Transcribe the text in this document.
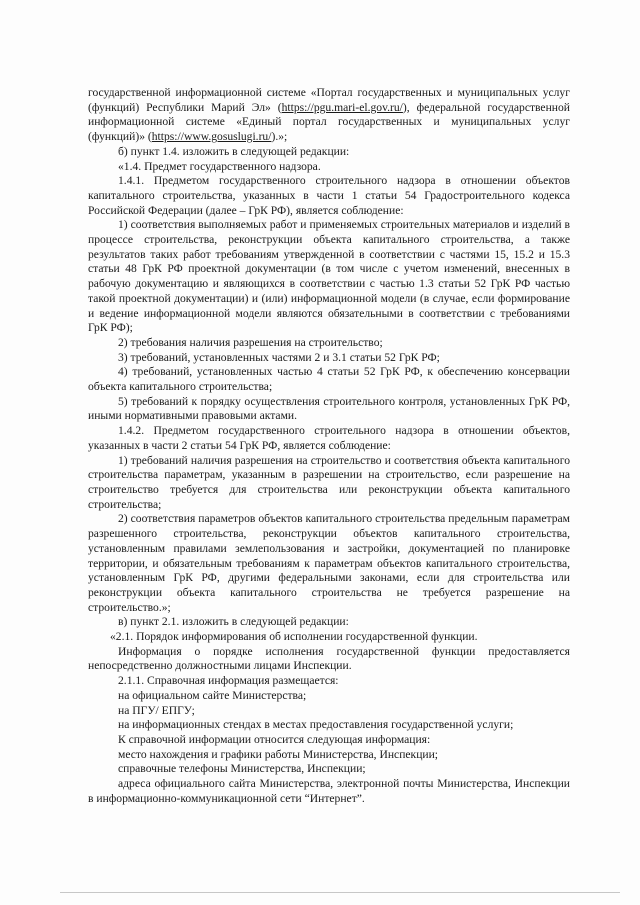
государственной информационной системе «Портал государственных и муниципальных услуг (функций) Республики Марий Эл» (https://pgu.mari-el.gov.ru/), федеральной государственной информационной системе «Единый портал государственных и муниципальных услуг (функций)» (https://www.gosuslugi.ru/).»;

б) пункт 1.4. изложить в следующей редакции:

«1.4. Предмет государственного надзора.

1.4.1. Предметом государственного строительного надзора в отношении объектов капитального строительства, указанных в части 1 статьи 54 Градостроительного кодекса Российской Федерации (далее – ГрК РФ), является соблюдение:

1) соответствия выполняемых работ и применяемых строительных материалов и изделий в процессе строительства, реконструкции объекта капитального строительства, а также результатов таких работ требованиям утвержденной в соответствии с частями 15, 15.2 и 15.3 статьи 48 ГрК РФ проектной документации (в том числе с учетом изменений, внесенных в рабочую документацию и являющихся в соответствии с частью 1.3 статьи 52 ГрК РФ частью такой проектной документации) и (или) информационной модели (в случае, если формирование и ведение информационной модели являются обязательными в соответствии с требованиями ГрК РФ);

2) требования наличия разрешения на строительство;

3) требований, установленных частями 2 и 3.1 статьи 52 ГрК РФ;

4) требований, установленных частью 4 статьи 52 ГрК РФ, к обеспечению консервации объекта капитального строительства;

5) требований к порядку осуществления строительного контроля, установленных ГрК РФ, иными нормативными правовыми актами.

1.4.2. Предметом государственного строительного надзора в отношении объектов, указанных в части 2 статьи 54 ГрК РФ, является соблюдение:

1) требований наличия разрешения на строительство и соответствия объекта капитального строительства параметрам, указанным в разрешении на строительство, если разрешение на строительство требуется для строительства или реконструкции объекта капитального строительства;

2) соответствия параметров объектов капитального строительства предельным параметрам разрешенного строительства, реконструкции объектов капитального строительства, установленным правилами землепользования и застройки, документацией по планировке территории, и обязательным требованиям к параметрам объектов капитального строительства, установленным ГрК РФ, другими федеральными законами, если для строительства или реконструкции объекта капитального строительства не требуется разрешение на строительство.»;

в) пункт 2.1. изложить в следующей редакции:

«2.1. Порядок информирования об исполнении государственной функции.

Информация о порядке исполнения государственной функции предоставляется непосредственно должностными лицами Инспекции.

2.1.1. Справочная информация размещается:

на официальном сайте Министерства;

на ПГУ/ ЕПГУ;

на информационных стендах в местах предоставления государственной услуги;

К справочной информации относится следующая информация:

место нахождения и графики работы Министерства, Инспекции;

справочные телефоны Министерства, Инспекции;

адреса официального сайта Министерства, электронной почты Министерства, Инспекции в информационно-коммуникационной сети “Интернет”.
